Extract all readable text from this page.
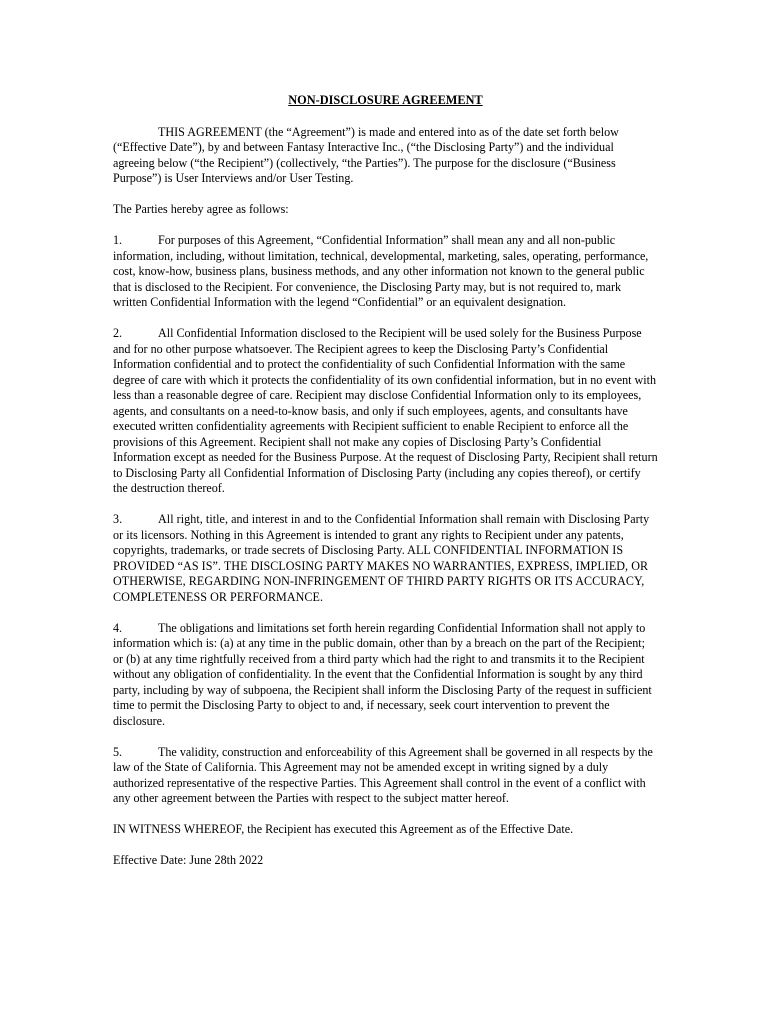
NON-DISCLOSURE AGREEMENT
THIS AGREEMENT (the “Agreement”) is made and entered into as of the date set forth below (“Effective Date”), by and between Fantasy Interactive Inc., (“the Disclosing Party”) and the individual agreeing below (“the Recipient”) (collectively, “the Parties”). The purpose for the disclosure (“Business Purpose”) is User Interviews and/or User Testing.
The Parties hereby agree as follows:
1.	For purposes of this Agreement, “Confidential Information” shall mean any and all non-public information, including, without limitation, technical, developmental, marketing, sales, operating, performance, cost, know-how, business plans, business methods, and any other information not known to the general public that is disclosed to the Recipient. For convenience, the Disclosing Party may, but is not required to, mark written Confidential Information with the legend “Confidential” or an equivalent designation.
2.	All Confidential Information disclosed to the Recipient will be used solely for the Business Purpose and for no other purpose whatsoever. The Recipient agrees to keep the Disclosing Party’s Confidential Information confidential and to protect the confidentiality of such Confidential Information with the same degree of care with which it protects the confidentiality of its own confidential information, but in no event with less than a reasonable degree of care. Recipient may disclose Confidential Information only to its employees, agents, and consultants on a need-to-know basis, and only if such employees, agents, and consultants have executed written confidentiality agreements with Recipient sufficient to enable Recipient to enforce all the provisions of this Agreement. Recipient shall not make any copies of Disclosing Party’s Confidential Information except as needed for the Business Purpose. At the request of Disclosing Party, Recipient shall return to Disclosing Party all Confidential Information of Disclosing Party (including any copies thereof), or certify the destruction thereof.
3.	All right, title, and interest in and to the Confidential Information shall remain with Disclosing Party or its licensors. Nothing in this Agreement is intended to grant any rights to Recipient under any patents, copyrights, trademarks, or trade secrets of Disclosing Party. ALL CONFIDENTIAL INFORMATION IS PROVIDED “AS IS”. THE DISCLOSING PARTY MAKES NO WARRANTIES, EXPRESS, IMPLIED, OR OTHERWISE, REGARDING NON-INFRINGEMENT OF THIRD PARTY RIGHTS OR ITS ACCURACY, COMPLETENESS OR PERFORMANCE.
4.	The obligations and limitations set forth herein regarding Confidential Information shall not apply to information which is: (a) at any time in the public domain, other than by a breach on the part of the Recipient; or (b) at any time rightfully received from a third party which had the right to and transmits it to the Recipient without any obligation of confidentiality. In the event that the Confidential Information is sought by any third party, including by way of subpoena, the Recipient shall inform the Disclosing Party of the request in sufficient time to permit the Disclosing Party to object to and, if necessary, seek court intervention to prevent the disclosure.
5.	The validity, construction and enforceability of this Agreement shall be governed in all respects by the law of the State of California. This Agreement may not be amended except in writing signed by a duly authorized representative of the respective Parties. This Agreement shall control in the event of a conflict with any other agreement between the Parties with respect to the subject matter hereof.
IN WITNESS WHEREOF, the Recipient has executed this Agreement as of the Effective Date.
Effective Date: June 28th 2022
